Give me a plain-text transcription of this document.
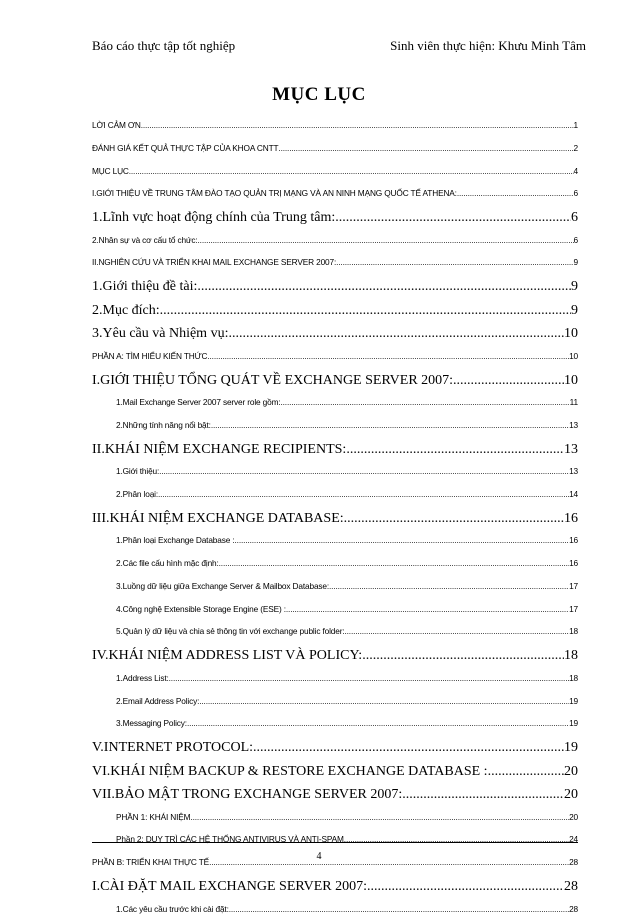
Báo cáo thực tập tốt nghiệp	Sinh viên thực hiện: Khưu Minh Tâm
MỤC LỤC
LỜI CẢM ƠN .....	1
ĐÁNH GIÁ KẾT QUẢ THỰC TẬP CỦA KHOA CNTT .....	2
MỤC LỤC .....	4
I.GIỚI THIỆU VỀ TRUNG TÂM ĐÀO TẠO QUẢN TRỊ MẠNG VÀ AN NINH MẠNG QUỐC TẾ ATHENA: .....	6
1.Lĩnh vực hoạt động chính của Trung tâm: .....	6
2.Nhân sự và cơ cấu tổ chức: .....	6
II.NGHIÊN CỨU VÀ TRIỂN KHAI MAIL EXCHANGE SERVER 2007: .....	9
1.Giới thiệu đề tài: .....	9
2.Mục đích: .....	9
3.Yêu cầu và Nhiệm vụ: .....	10
PHẦN A: TÌM HIỂU KIẾN THỨC .....	10
I.GIỚI THIỆU TỔNG QUÁT VỀ EXCHANGE SERVER 2007: .....	10
1.Mail Exchange Server 2007 server role gồm: .....	11
2.Những tính năng nổi bật: .....	13
II.KHÁI NIỆM EXCHANGE RECIPIENTS: .....	13
1.Giới thiệu: .....	13
2.Phân loại: .....	14
III.KHÁI NIỆM EXCHANGE DATABASE: .....	16
1.Phân loại Exchange Database : .....	16
2.Các file cấu hình mặc định: .....	16
3.Luồng dữ liệu giữa Exchange Server & Mailbox Database: .....	17
4.Công nghệ Extensible Storage Engine (ESE) : .....	17
5.Quản lý dữ liệu và chia sẻ thông tin với exchange public folder: .....	18
IV.KHÁI NIỆM ADDRESS LIST VÀ POLICY: .....	18
1.Address List: .....	18
2.Email Address Policy: .....	19
3.Messaging Policy: .....	19
V.INTERNET PROTOCOL: .....	19
VI.KHÁI NIỆM BACKUP & RESTORE EXCHANGE DATABASE : .....	20
VII.BẢO MẬT TRONG EXCHANGE SERVER 2007: .....	20
PHẦN 1: KHÁI NIỆM .....	20
Phần 2: DUY TRÌ CÁC HỆ THỐNG ANTIVIRUS VÀ ANTI-SPAM .....	24
PHẦN B: TRIỂN KHAI THỰC TẾ .....	28
I.CÀI ĐẶT MAIL EXCHANGE SERVER 2007: .....	28
1.Các yêu cầu trước khi cài đặt: .....	28
4
